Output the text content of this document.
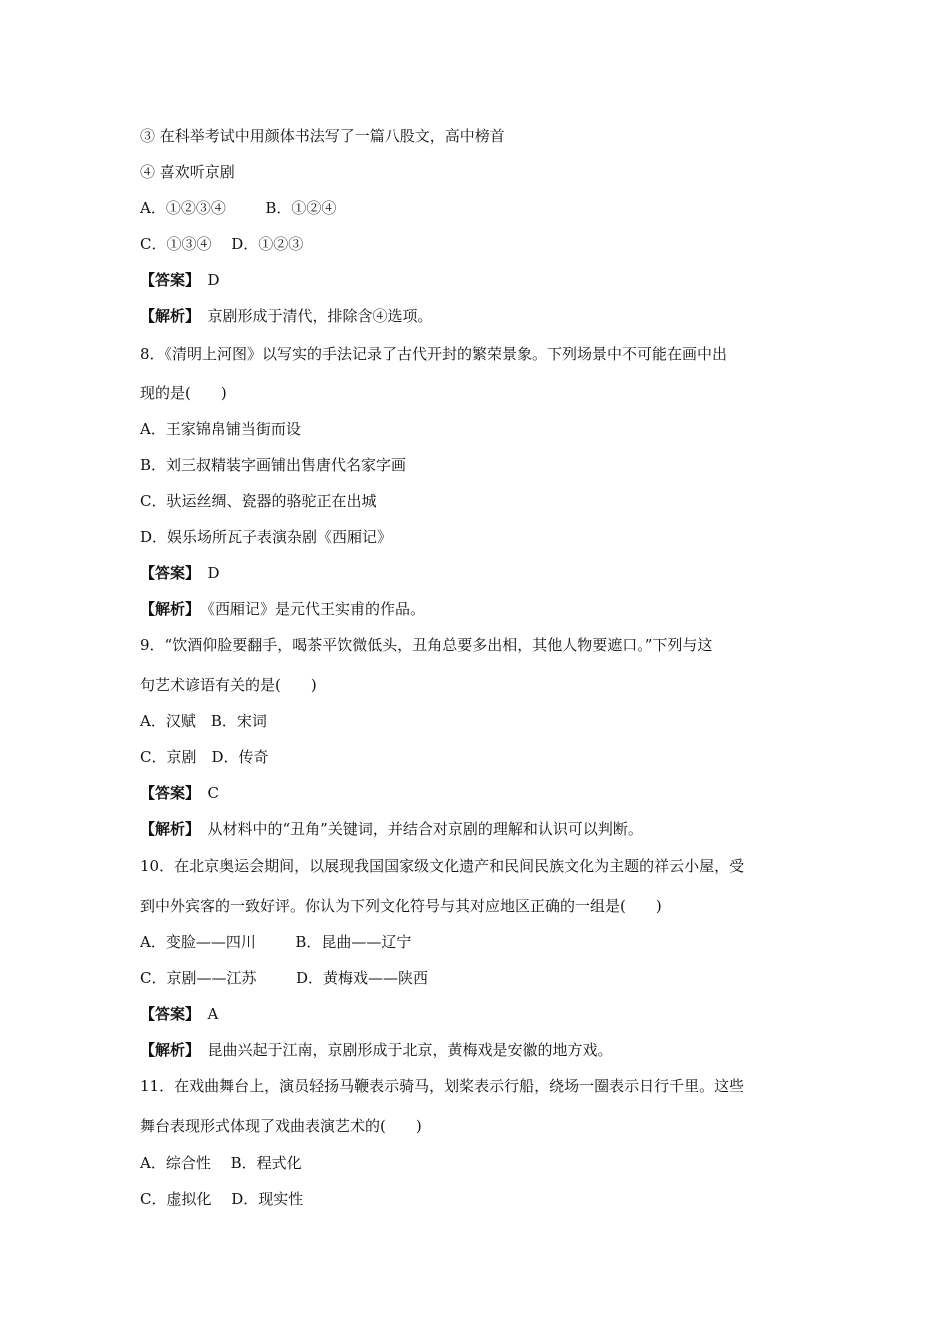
③ 在科举考试中用颜体书法写了一篇八股文，高中榜首
④ 喜欢听京剧
A．①②③④　　  B．①②④
C．①③④　 D．①②③
【答案】　D
【解析】　京剧形成于清代，排除含④选项。
8．《清明上河图》以写实的手法记录了古代开封的繁荣景象。下列场景中不可能在画中出
现的是(　　)
A．王家锦帛铺当街而设
B．刘三叔精装字画铺出售唐代名家字画
C．驮运丝绸、瓷器的骆驼正在出城
D．娱乐场所瓦子表演杂剧《西厢记》
【答案】　D
【解析】　《西厢记》是元代王实甫的作品。
9．“饮酒仰脸要翻手，喝茶平饮微低头，丑角总要多出相，其他人物要遮口。”下列与这
句艺术谚语有关的是(　　)
A．汉赋　B．宋词
C．京剧　D．传奇
【答案】　C
【解析】　从材料中的“丑角”关键词，并结合对京剧的理解和认识可以判断。
10．在北京奥运会期间，以展现我国国家级文化遗产和民间民族文化为主题的祥云小屋，受
到中外宾客的一致好评。你认为下列文化符号与其对应地区正确的一组是(　　)
A．变脸——四川　　  B．昆曲——辽宁
C．京剧——江苏　　  D．黄梅戏——陕西
【答案】　A
【解析】　昆曲兴起于江南，京剧形成于北京，黄梅戏是安徽的地方戏。
11．在戏曲舞台上，演员轻扬马鞭表示骑马，划桨表示行船，绕场一圈表示日行千里。这些
舞台表现形式体现了戏曲表演艺术的(　　)
A．综合性　 B．程式化
C．虚拟化　 D．现实性
